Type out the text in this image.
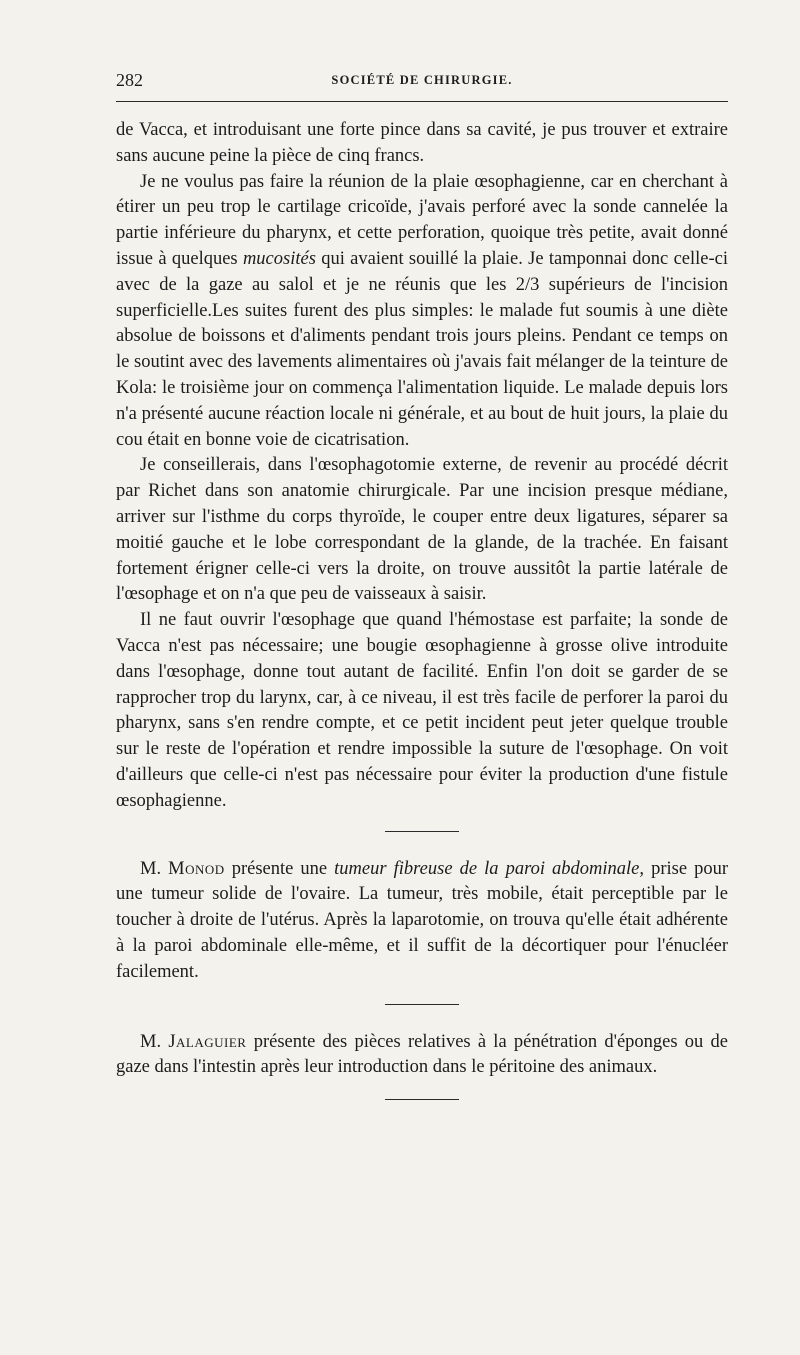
282	SOCIÉTÉ DE CHIRURGIE.

de Vacca, et introduisant une forte pince dans sa cavité, je pus trouver et extraire sans aucune peine la pièce de cinq francs.

Je ne voulus pas faire la réunion de la plaie œsophagienne, car en cherchant à étirer un peu trop le cartilage cricoïde, j'avais perforé avec la sonde cannelée la partie inférieure du pharynx, et cette perforation, quoique très petite, avait donné issue à quelques mucosités qui avaient souillé la plaie. Je tamponnai donc celle-ci avec de la gaze au salol et je ne réunis que les 2/3 supérieurs de l'incision superficielle.Les suites furent des plus simples: le malade fut soumis à une diète absolue de boissons et d'aliments pendant trois jours pleins. Pendant ce temps on le soutint avec des lavements alimentaires où j'avais fait mélanger de la teinture de Kola: le troisième jour on commença l'alimentation liquide. Le malade depuis lors n'a présenté aucune réaction locale ni générale, et au bout de huit jours, la plaie du cou était en bonne voie de cicatrisation.

Je conseillerais, dans l'œsophagotomie externe, de revenir au procédé décrit par Richet dans son anatomie chirurgicale. Par une incision presque médiane, arriver sur l'isthme du corps thyroïde, le couper entre deux ligatures, séparer sa moitié gauche et le lobe correspondant de la glande, de la trachée. En faisant fortement érigner celle-ci vers la droite, on trouve aussitôt la partie latérale de l'œsophage et on n'a que peu de vaisseaux à saisir.

Il ne faut ouvrir l'œsophage que quand l'hémostase est parfaite; la sonde de Vacca n'est pas nécessaire; une bougie œsophagienne à grosse olive introduite dans l'œsophage, donne tout autant de facilité. Enfin l'on doit se garder de se rapprocher trop du larynx, car, à ce niveau, il est très facile de perforer la paroi du pharynx, sans s'en rendre compte, et ce petit incident peut jeter quelque trouble sur le reste de l'opération et rendre impossible la suture de l'œsophage. On voit d'ailleurs que celle-ci n'est pas nécessaire pour éviter la production d'une fistule œsophagienne.

M. Monod présente une tumeur fibreuse de la paroi abdominale, prise pour une tumeur solide de l'ovaire. La tumeur, très mobile, était perceptible par le toucher à droite de l'utérus. Après la laparotomie, on trouva qu'elle était adhérente à la paroi abdominale elle-même, et il suffit de la décortiquer pour l'énucléer facilement.

M. Jalaguier présente des pièces relatives à la pénétration d'éponges ou de gaze dans l'intestin après leur introduction dans le péritoine des animaux.
